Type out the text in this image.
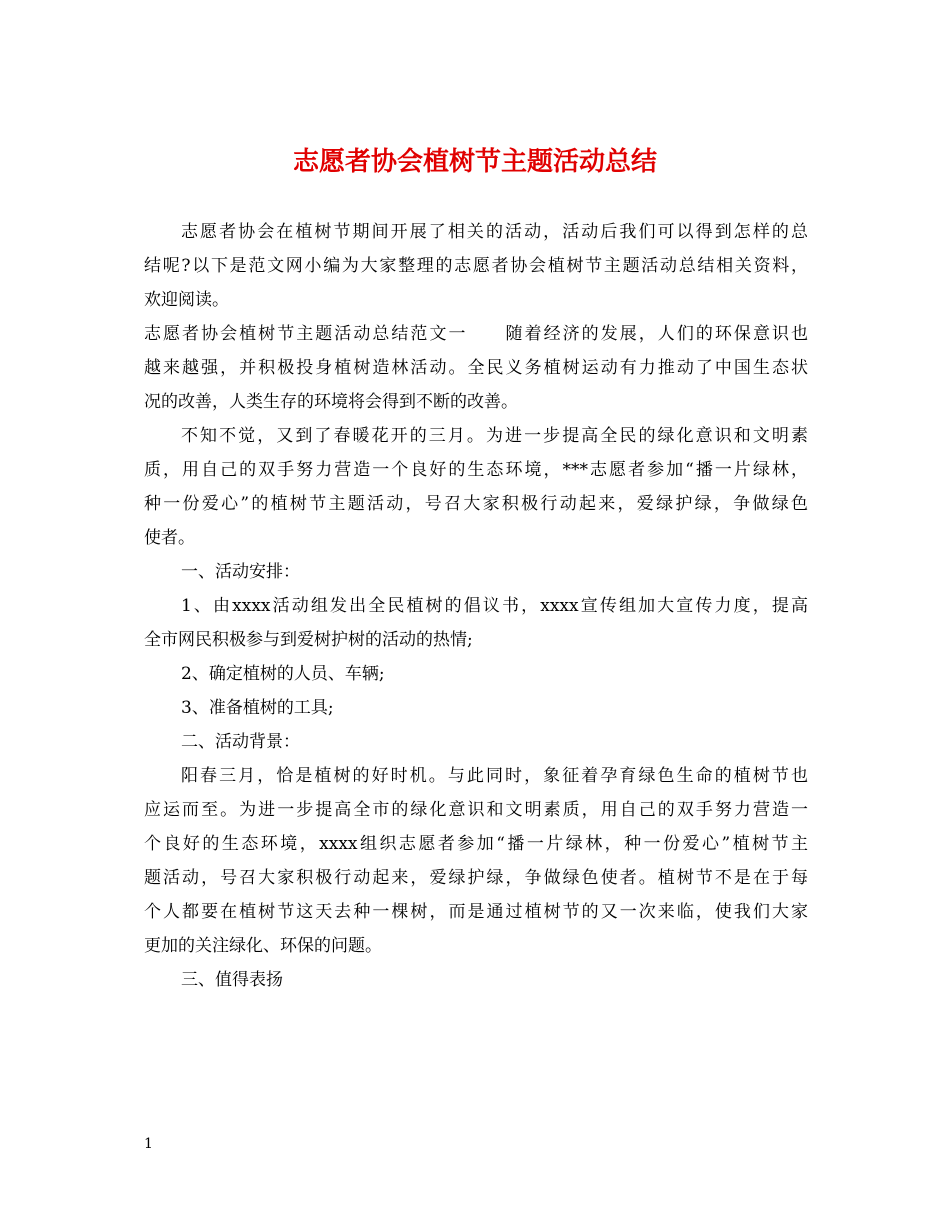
志愿者协会植树节主题活动总结
志愿者协会在植树节期间开展了相关的活动，活动后我们可以得到怎样的总
结呢?以下是范文网小编为大家整理的志愿者协会植树节主题活动总结相关资料，
欢迎阅读。
志愿者协会植树节主题活动总结范文一 随着经济的发展，人们的环保意识也
越来越强，并积极投身植树造林活动。全民义务植树运动有力推动了中国生态状
况的改善，人类生存的环境将会得到不断的改善。
不知不觉，又到了春暖花开的三月。为进一步提高全民的绿化意识和文明素
质，用自己的双手努力营造一个良好的生态环境，***志愿者参加“播一片绿林，
种一份爱心”的植树节主题活动，号召大家积极行动起来，爱绿护绿，争做绿色
使者。
一、活动安排：
1、由xxxx活动组发出全民植树的倡议书，xxxx宣传组加大宣传力度，提高
全市网民积极参与到爱树护树的活动的热情;
2、确定植树的人员、车辆;
3、准备植树的工具;
二、活动背景：
阳春三月，恰是植树的好时机。与此同时，象征着孕育绿色生命的植树节也
应运而至。为进一步提高全市的绿化意识和文明素质，用自己的双手努力营造一
个良好的生态环境，xxxx组织志愿者参加“播一片绿林，种一份爱心”植树节主
题活动，号召大家积极行动起来，爱绿护绿，争做绿色使者。植树节不是在于每
个人都要在植树节这天去种一棵树，而是通过植树节的又一次来临，使我们大家
更加的关注绿化、环保的问题。
三、值得表扬
1
